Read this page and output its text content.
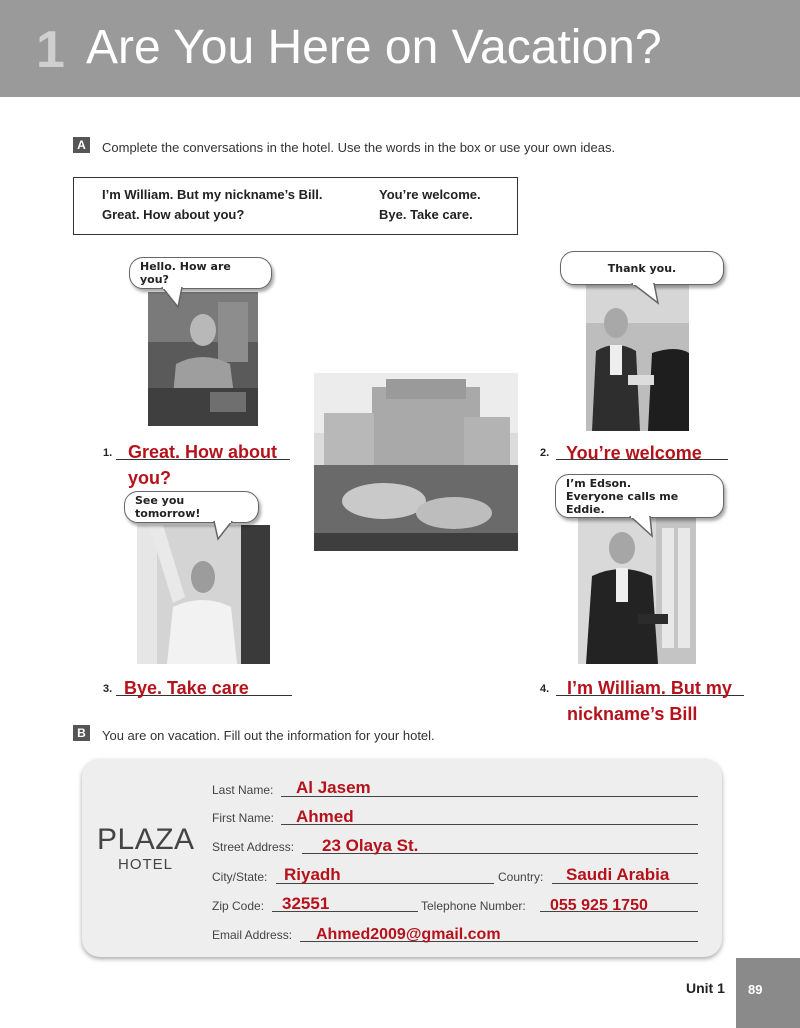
1 Are You Here on Vacation?
A	Complete the conversations in the hotel. Use the words in the box or use your own ideas.
I’m William. But my nickname’s Bill.
Great. How about you?
You’re welcome.
Bye. Take care.
Hello. How are you?
Thank you.
1. Great. How about
you?
2. You’re welcome
See you tomorrow!
I’m Edson.
Everyone calls me Eddie.
3. Bye. Take care	4. I’m William. But my
nickname’s Bill
B	You are on vacation. Fill out the information for your hotel.
PLAZA
HOTEL
Last Name: Al Jasem
First Name: Ahmed
Street Address: 23 Olaya St.
City/State: Riyadh	Country: Saudi Arabia
Zip Code: 32551	Telephone Number: 055 925 1750
Email Address: Ahmed2009@gmail.com
Unit 1 89
